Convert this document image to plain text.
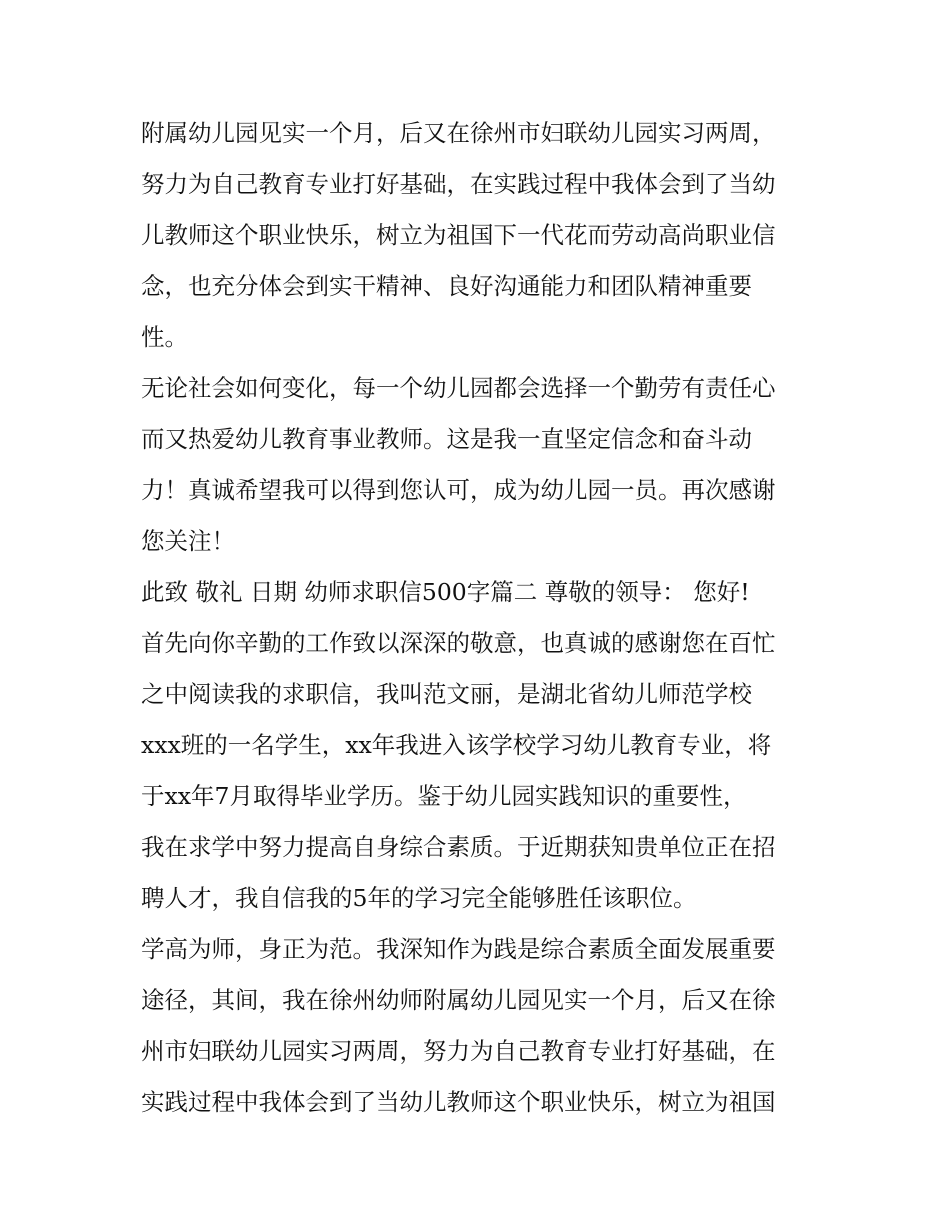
附属幼儿园见实一个月，后又在徐州市妇联幼儿园实习两周，
努力为自己教育专业打好基础，在实践过程中我体会到了当幼
儿教师这个职业快乐，树立为祖国下一代花而劳动高尚职业信
念，也充分体会到实干精神、良好沟通能力和团队精神重要
性。
无论社会如何变化，每一个幼儿园都会选择一个勤劳有责任心
而又热爱幼儿教育事业教师。这是我一直坚定信念和奋斗动
力！真诚希望我可以得到您认可，成为幼儿园一员。再次感谢
您关注！
此致 敬礼 日期 幼师求职信500字篇二 尊敬的领导： 您好!
首先向你辛勤的工作致以深深的敬意，也真诚的感谢您在百忙
之中阅读我的求职信，我叫范文丽，是湖北省幼儿师范学校
xxx班的一名学生，xx年我进入该学校学习幼儿教育专业，将
于xx年7月取得毕业学历。鉴于幼儿园实践知识的重要性，
我在求学中努力提高自身综合素质。于近期获知贵单位正在招
聘人才，我自信我的5年的学习完全能够胜任该职位。
学高为师，身正为范。我深知作为践是综合素质全面发展重要
途径，其间，我在徐州幼师附属幼儿园见实一个月，后又在徐
州市妇联幼儿园实习两周，努力为自己教育专业打好基础，在
实践过程中我体会到了当幼儿教师这个职业快乐，树立为祖国
